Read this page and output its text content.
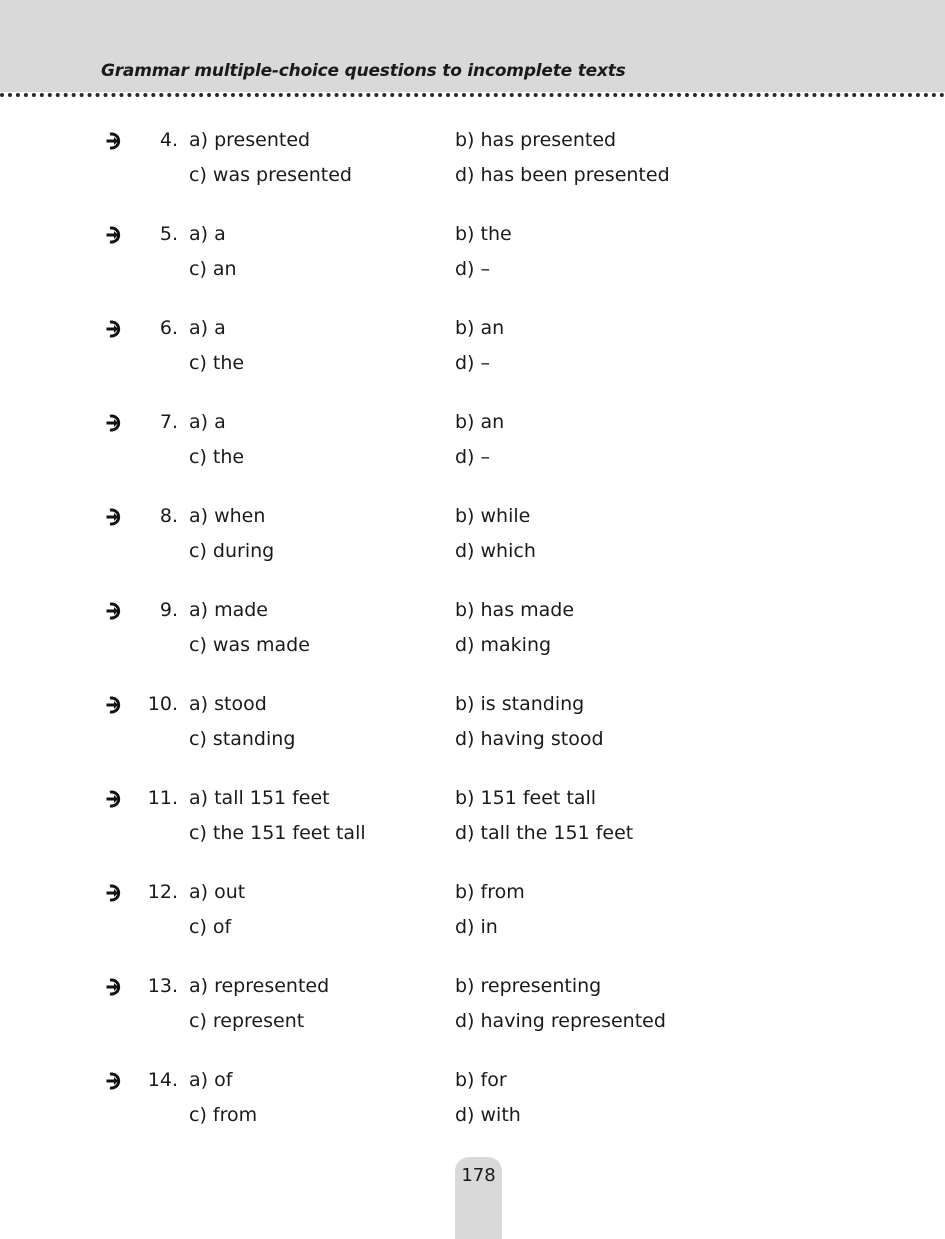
Grammar multiple-choice questions to incomplete texts
4. a) presented	b) has presented
c) was presented	d) has been presented
5. a) a	b) the
c) an	d) –
6. a) a	b) an
c) the	d) –
7. a) a	b) an
c) the	d) –
8. a) when	b) while
c) during	d) which
9. a) made	b) has made
c) was made	d) making
10. a) stood	b) is standing
c) standing	d) having stood
11. a) tall 151 feet	b) 151 feet tall
c) the 151 feet tall	d) tall the 151 feet
12. a) out	b) from
c) of	d) in
13. a) represented	b) representing
c) represent	d) having represented
14. a) of	b) for
c) from	d) with
178
